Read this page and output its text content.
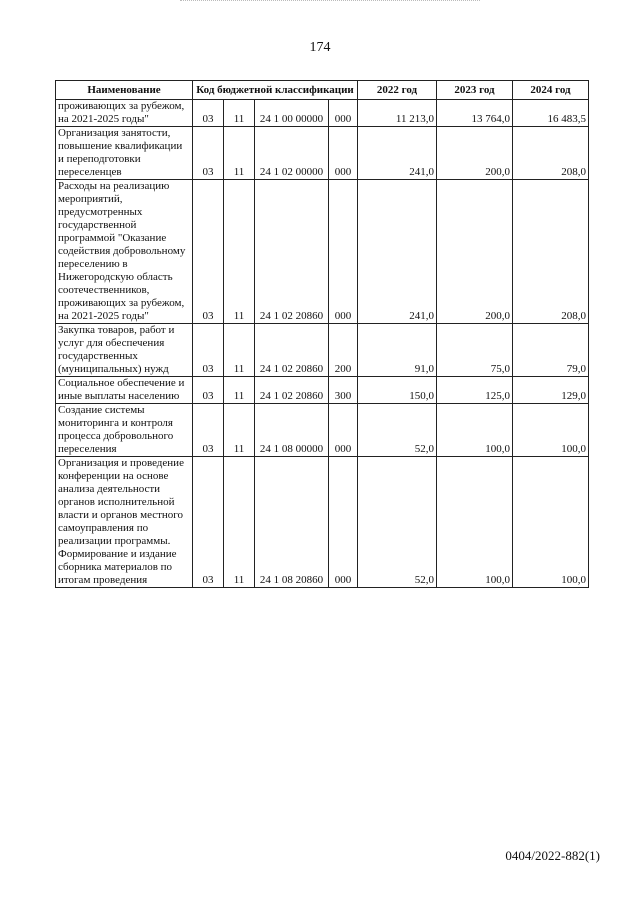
174
Наименование	Код бюджетной классификации				2022 год	2023 год	2024 год
проживающих за рубежом, на 2021-2025 годы"	03	11	24 1 00 00000	000	11 213,0	13 764,0	16 483,5
Организация занятости, повышение квалификации и переподготовки переселенцев	03	11	24 1 02 00000	000	241,0	200,0	208,0
Расходы на реализацию мероприятий, предусмотренных государственной программой "Оказание содействия добровольному переселению в Нижегородскую область соотечественников, проживающих за рубежом, на 2021-2025 годы"	03	11	24 1 02 20860	000	241,0	200,0	208,0
Закупка товаров, работ и услуг для обеспечения государственных (муниципальных) нужд	03	11	24 1 02 20860	200	91,0	75,0	79,0
Социальное обеспечение и иные выплаты населению	03	11	24 1 02 20860	300	150,0	125,0	129,0
Создание системы мониторинга и контроля процесса добровольного переселения	03	11	24 1 08 00000	000	52,0	100,0	100,0
Организация и проведение конференции на основе анализа деятельности органов исполнительной власти и органов местного самоуправления по реализации программы. Формирование и издание сборника материалов по итогам проведения	03	11	24 1 08 20860	000	52,0	100,0	100,0
0404/2022-882(1)
